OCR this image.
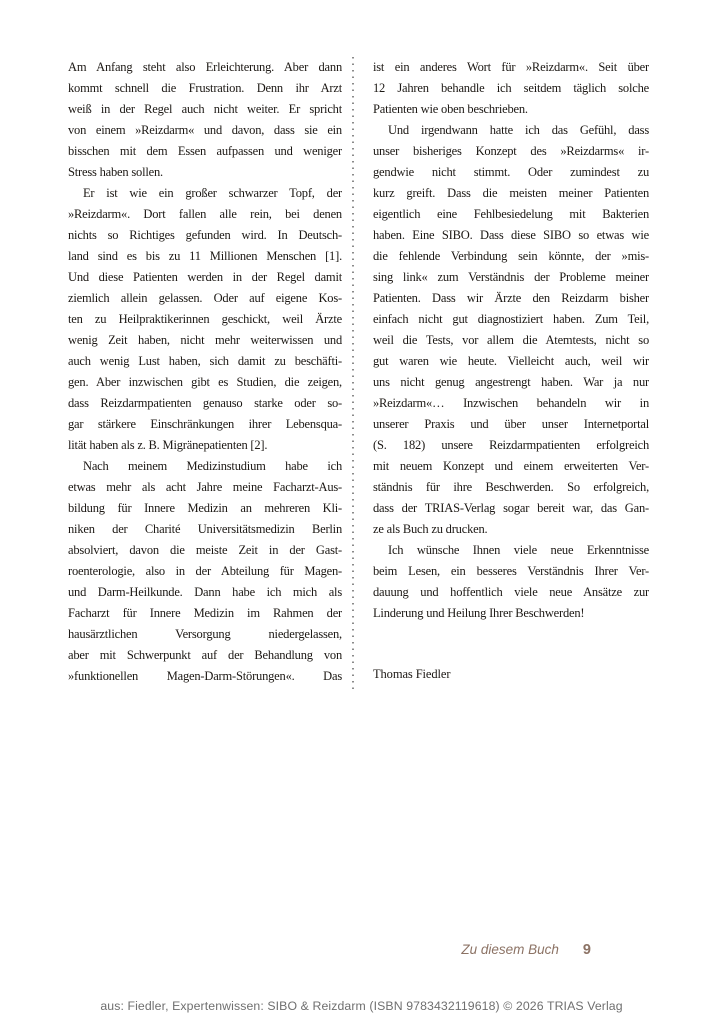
Am Anfang steht also Erleichterung. Aber dann
kommt schnell die Frustration. Denn ihr Arzt
weiß in der Regel auch nicht weiter. Er spricht
von einem »Reizdarm« und davon, dass sie ein
bisschen mit dem Essen aufpassen und weniger
Stress haben sollen.
Er ist wie ein großer schwarzer Topf, der
»Reizdarm«. Dort fallen alle rein, bei denen
nichts so Richtiges gefunden wird. In Deutsch-
land sind es bis zu 11 Millionen Menschen [1].
Und diese Patienten werden in der Regel damit
ziemlich allein gelassen. Oder auf eigene Kos-
ten zu Heilpraktikerinnen geschickt, weil Ärzte
wenig Zeit haben, nicht mehr weiterwissen und
auch wenig Lust haben, sich damit zu beschäfti-
gen. Aber inzwischen gibt es Studien, die zeigen,
dass Reizdarmpatienten genauso starke oder so-
gar stärkere Einschränkungen ihrer Lebensqua-
lität haben als z. B. Migränepatienten [2].
Nach meinem Medizinstudium habe ich
etwas mehr als acht Jahre meine Facharzt-Aus-
bildung für Innere Medizin an mehreren Kli-
niken der Charité Universitätsmedizin Berlin
absolviert, davon die meiste Zeit in der Gast-
roenterologie, also in der Abteilung für Magen-
und Darm-Heilkunde. Dann habe ich mich als
Facharzt für Innere Medizin im Rahmen der
hausärztlichen Versorgung niedergelassen,
aber mit Schwerpunkt auf der Behandlung von
»funktionellen Magen-Darm-Störungen«. Das
ist ein anderes Wort für »Reizdarm«. Seit über
12 Jahren behandle ich seitdem täglich solche
Patienten wie oben beschrieben.
Und irgendwann hatte ich das Gefühl, dass
unser bisheriges Konzept des »Reizdarms« ir-
gendwie nicht stimmt. Oder zumindest zu
kurz greift. Dass die meisten meiner Patienten
eigentlich eine Fehlbesiedelung mit Bakterien
haben. Eine SIBO. Dass diese SIBO so etwas wie
die fehlende Verbindung sein könnte, der »mis-
sing link« zum Verständnis der Probleme meiner
Patienten. Dass wir Ärzte den Reizdarm bisher
einfach nicht gut diagnostiziert haben. Zum Teil,
weil die Tests, vor allem die Atemtests, nicht so
gut waren wie heute. Vielleicht auch, weil wir
uns nicht genug angestrengt haben. War ja nur
»Reizdarm«… Inzwischen behandeln wir in
unserer Praxis und über unser Internetportal
(S. 182) unsere Reizdarmpatienten erfolgreich
mit neuem Konzept und einem erweiterten Ver-
ständnis für ihre Beschwerden. So erfolgreich,
dass der TRIAS-Verlag sogar bereit war, das Gan-
ze als Buch zu drucken.
Ich wünsche Ihnen viele neue Erkenntnisse
beim Lesen, ein besseres Verständnis Ihrer Ver-
dauung und hoffentlich viele neue Ansätze zur
Linderung und Heilung Ihrer Beschwerden!
Thomas Fiedler
Zu diesem Buch 9
aus: Fiedler, Expertenwissen: SIBO & Reizdarm (ISBN 9783432119618) © 2026 TRIAS Verlag
